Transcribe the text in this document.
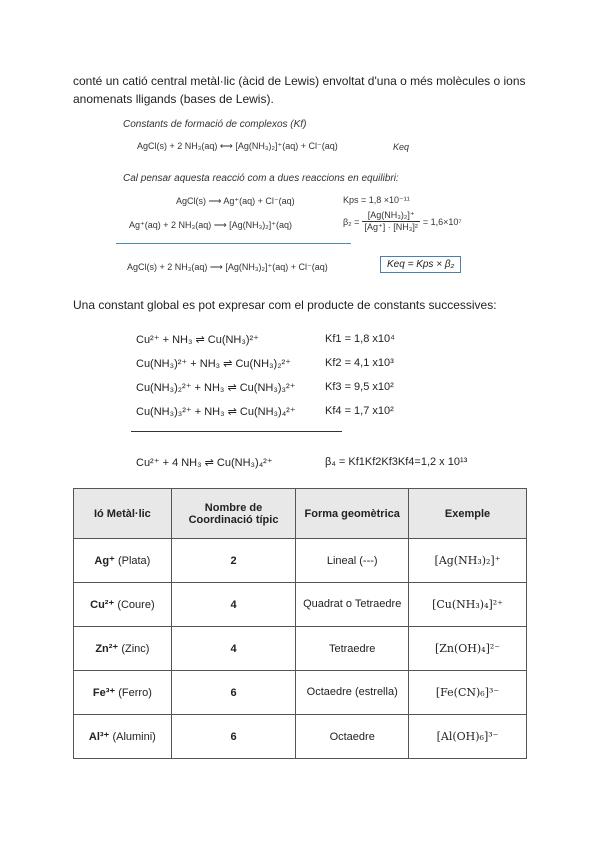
conté un catió central metàl·lic (àcid de Lewis) envoltat d'una o més molècules o ions anomenats lligands (bases de Lewis).
Constants de formació de complexos (Kf)
AgCl(s) + 2 NH₃(aq) ⟷ [Ag(NH₃)₂]⁺(aq) + Cl⁻(aq)	Keq
Cal pensar aquesta reacció com a dues reaccions en equilibri:
AgCl(s) ⟶ Ag⁺(aq) + Cl⁻(aq)	Kps = 1,8 ×10⁻¹¹
Ag⁺(aq) + 2 NH₃(aq) ⟶ [Ag(NH₃)₂]⁺(aq)	$\beta_2 = \frac{\text{[Ag(NH₃)₂]⁺}}{\text{[Ag⁺] · [NH₃]²}} = 1,6\times 10^7$
AgCl(s) + 2 NH₃(aq) ⟶ [Ag(NH₃)₂]⁺(aq) + Cl⁻(aq)	Keq = Kps × β₂
Una constant global es pot expresar com el producte de constants successives:
Cu²⁺ + NH₃ ⇌ Cu(NH₃)²⁺	Kf1 = 1,8 x10⁴
Cu(NH₃)²⁺ + NH₃ ⇌ Cu(NH₃)₂²⁺	Kf2 = 4,1 x10³
Cu(NH₃)₂²⁺ + NH₃ ⇌ Cu(NH₃)₃²⁺	Kf3 = 9,5 x10²
Cu(NH₃)₃²⁺ + NH₃ ⇌ Cu(NH₃)₄²⁺	Kf4 = 1,7 x10²
Cu²⁺ + 4 NH₃ ⇌ Cu(NH₃)₄²⁺	β₄ = Kf1Kf2Kf3Kf4=1,2 x 10¹³
Ió Metàl·lic	Nombre de Coordinació típic	Forma geomètrica	Exemple
Ag⁺ (Plata)	2	Lineal (---)	[Ag(NH₃)₂]⁺
Cu²⁺ (Coure)	4	Quadrat o Tetraedre	[Cu(NH₃)₄]²⁺
Zn²⁺ (Zinc)	4	Tetraedre	[Zn(OH)₄]²⁻
Fe³⁺ (Ferro)	6	Octaedre (estrella)	[Fe(CN)₆]³⁻
Al³⁺ (Alumini)	6	Octaedre	[Al(OH)₆]³⁻
